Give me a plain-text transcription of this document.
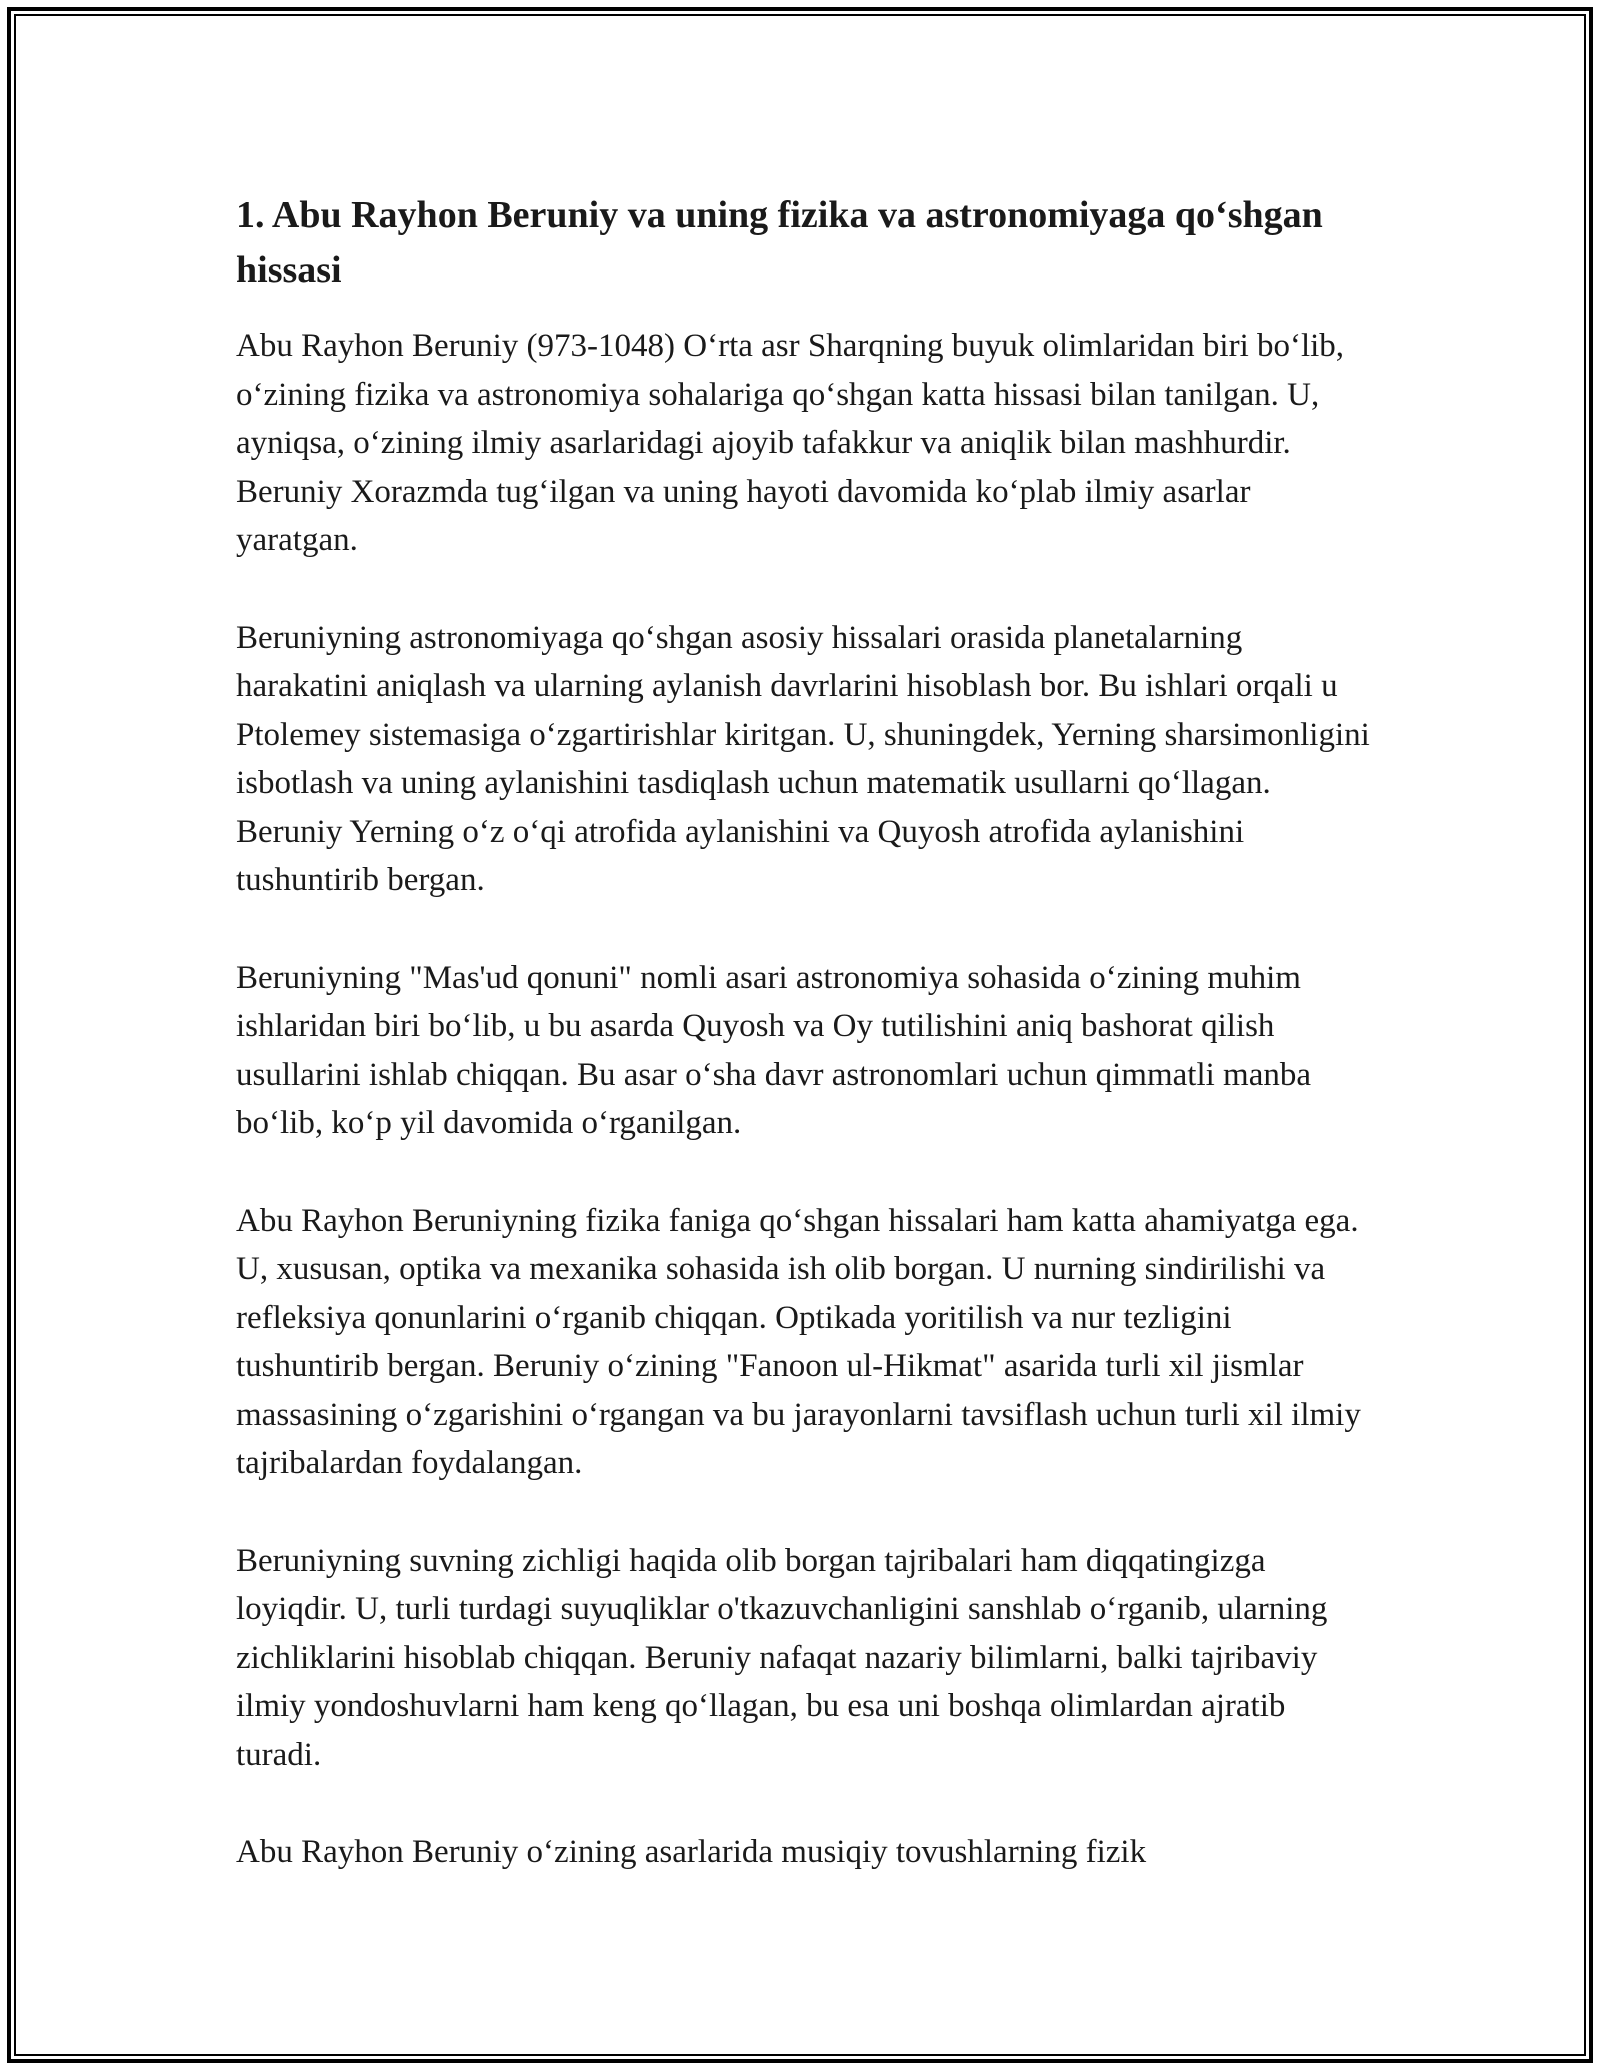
1. Abu Rayhon Beruniy va uning fizika va astronomiyaga qo‘shgan hissasi

Abu Rayhon Beruniy (973-1048) O‘rta asr Sharqning buyuk olimlaridan biri bo‘lib, o‘zining fizika va astronomiya sohalariga qo‘shgan katta hissasi bilan tanilgan. U, ayniqsa, o‘zining ilmiy asarlaridagi ajoyib tafakkur va aniqlik bilan mashhurdir. Beruniy Xorazmda tug‘ilgan va uning hayoti davomida ko‘plab ilmiy asarlar yaratgan.

Beruniyning astronomiyaga qo‘shgan asosiy hissalari orasida planetalarning harakatini aniqlash va ularning aylanish davrlarini hisoblash bor. Bu ishlari orqali u Ptolemey sistemasiga o‘zgartirishlar kiritgan. U, shuningdek, Yerning sharsimonligini isbotlash va uning aylanishini tasdiqlash uchun matematik usullarni qo‘llagan. Beruniy Yerning o‘z o‘qi atrofida aylanishini va Quyosh atrofida aylanishini tushuntirib bergan.

Beruniyning "Mas'ud qonuni" nomli asari astronomiya sohasida o‘zining muhim ishlaridan biri bo‘lib, u bu asarda Quyosh va Oy tutilishini aniq bashorat qilish usullarini ishlab chiqqan. Bu asar o‘sha davr astronomlari uchun qimmatli manba bo‘lib, ko‘p yil davomida o‘rganilgan.

Abu Rayhon Beruniyning fizika faniga qo‘shgan hissalari ham katta ahamiyatga ega. U, xususan, optika va mexanika sohasida ish olib borgan. U nurning sindirilishi va refleksiya qonunlarini o‘rganib chiqqan. Optikada yoritilish va nur tezligini tushuntirib bergan. Beruniy o‘zining "Fanoon ul-Hikmat" asarida turli xil jismlar massasining o‘zgarishini o‘rgangan va bu jarayonlarni tavsiflash uchun turli xil ilmiy tajribalardan foydalangan.

Beruniyning suvning zichligi haqida olib borgan tajribalari ham diqqatingizga loyiqdir. U, turli turdagi suyuqliklar o'tkazuvchanligini sanshlab o‘rganib, ularning zichliklarini hisoblab chiqqan. Beruniy nafaqat nazariy bilimlarni, balki tajribaviy ilmiy yondoshuvlarni ham keng qo‘llagan, bu esa uni boshqa olimlardan ajratib turadi.

Abu Rayhon Beruniy o‘zining asarlarida musiqiy tovushlarning fizik
